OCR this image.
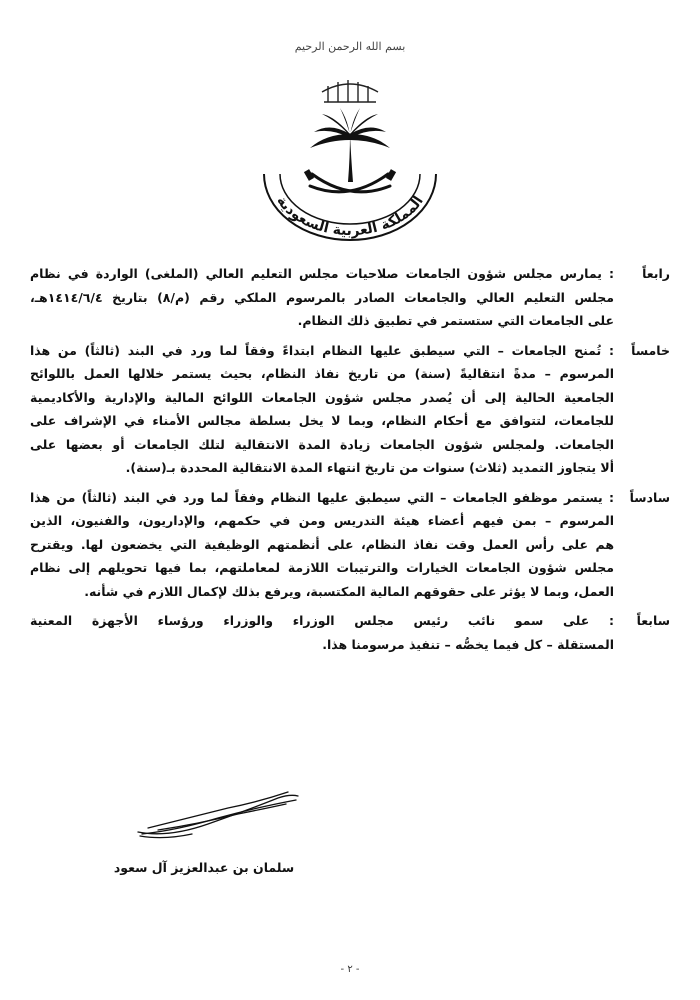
بسم الله الرحمن الرحيم
المملكة العربية السعودية
رابعاً
: يمارس مجلس شؤون الجامعات صلاحيات مجلس التعليم العالي (الملغى) الواردة في نظام
مجلس التعليم العالي والجامعات الصادر بالمرسوم الملكي رقم (م/٨) بتاريخ ١٤١٤/٦/٤هـ،
على الجامعات التي ستستمر في تطبيق ذلك النظام.
خامساً
: تُمنح الجامعات – التي سيطبق عليها النظام ابتداءً وفقاً لما ورد في البند (ثالثاً) من هذا
المرسوم – مدةً انتقاليةً (سنة) من تاريخ نفاذ النظام، بحيث يستمر خلالها العمل باللوائح
الجامعية الحالية إلى أن يُصدر مجلس شؤون الجامعات اللوائح المالية والإدارية والأكاديمية
للجامعات، لتتوافق مع أحكام النظام، وبما لا يخل بسلطة مجالس الأمناء في الإشراف على
الجامعات. ولمجلس شؤون الجامعات زيادة المدة الانتقالية لتلك الجامعات أو بعضها على
ألا يتجاوز التمديد (ثلاث) سنوات من تاريخ انتهاء المدة الانتقالية المحددة بـ(سنة).
سادساً
: يستمر موظفو الجامعات – التي سيطبق عليها النظام وفقاً لما ورد في البند (ثالثاً) من هذا
المرسوم – بمن فيهم أعضاء هيئة التدريس ومن في حكمهم، والإداريون، والفنيون، الذين
هم على رأس العمل وقت نفاذ النظام، على أنظمتهم الوظيفية التي يخضعون لها. ويقترح
مجلس شؤون الجامعات الخيارات والترتيبات اللازمة لمعاملتهم، بما فيها تحويلهم إلى نظام
العمل، وبما لا يؤثر على حقوقهم المالية المكتسبة، ويرفع بذلك لإكمال اللازم في شأنه.
سابعاً
: على سمو نائب رئيس مجلس الوزراء والوزراء ورؤساء الأجهزة المعنية
المستقلة – كل فيما يخصُّه – تنفيذ مرسومنا هذا.
سلمان بن عبدالعزيز آل سعود
- ٢ -
